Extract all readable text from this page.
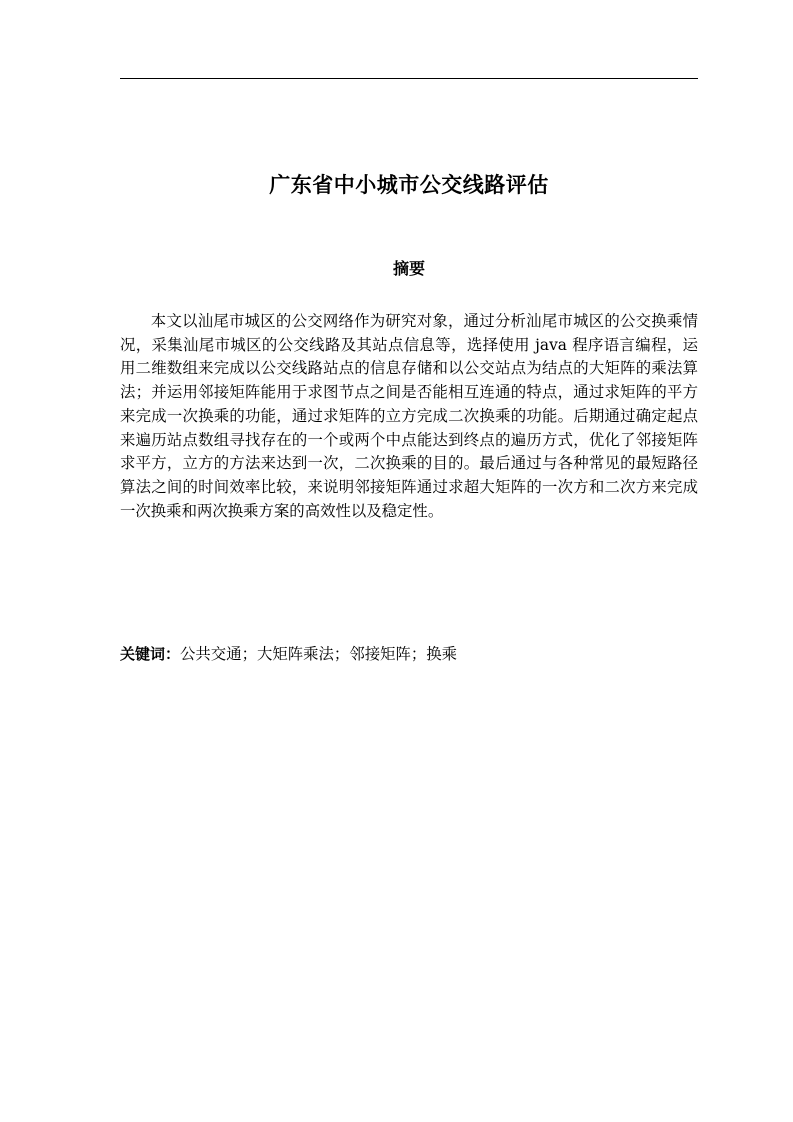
广东省中小城市公交线路评估
摘要

本文以汕尾市城区的公交网络作为研究对象，通过分析汕尾市城区的公交换乘情况，采集汕尾市城区的公交线路及其站点信息等，选择使用 java 程序语言编程，运用二维数组来完成以公交线路站点的信息存储和以公交站点为结点的大矩阵的乘法算法；并运用邻接矩阵能用于求图节点之间是否能相互连通的特点，通过求矩阵的平方来完成一次换乘的功能，通过求矩阵的立方完成二次换乘的功能。后期通过确定起点来遍历站点数组寻找存在的一个或两个中点能达到终点的遍历方式，优化了邻接矩阵求平方，立方的方法来达到一次，二次换乘的目的。最后通过与各种常见的最短路径算法之间的时间效率比较，来说明邻接矩阵通过求超大矩阵的一次方和二次方来完成一次换乘和两次换乘方案的高效性以及稳定性。

关键词：公共交通；大矩阵乘法；邻接矩阵；换乘
